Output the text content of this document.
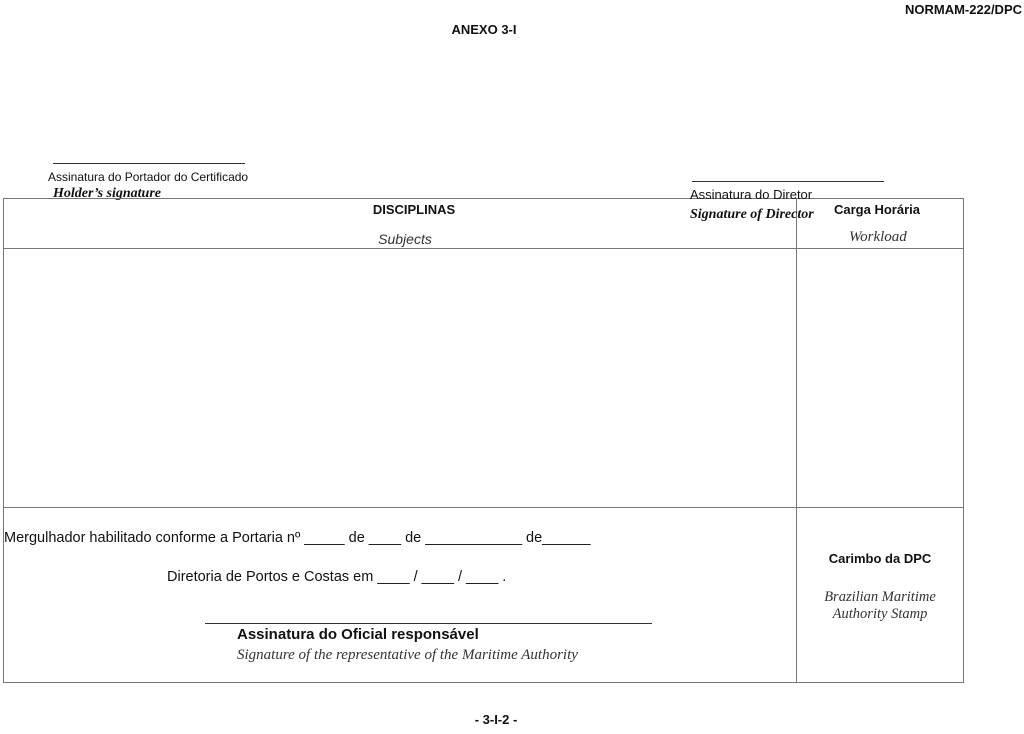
NORMAM-222/DPC
ANEXO 3-I
Assinatura do Portador do Certificado
Holder’s signature
DISCIPLINAS
Subjects
Carga Horária
Workload
Mergulhador habilitado conforme a Portaria nº _____ de ____ de ____________ de______
Diretoria de Portos e Costas em ____ / ____ / ____ .
Assinatura do Oficial responsável
Signature of the representative of the Maritime Authority
Carimbo da DPC
Brazilian Maritime
Authority Stamp
Assinatura do Diretor
Signature of Director
- 3-I-2 -
